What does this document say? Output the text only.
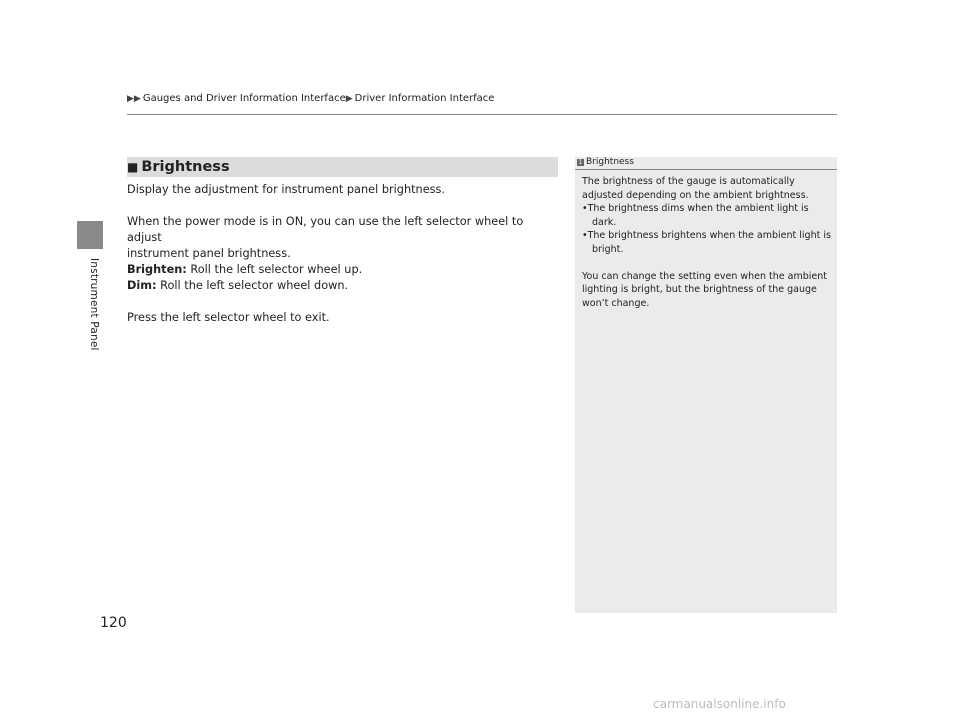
Instrument Panel
▶▶ Gauges and Driver Information Interface▶ Driver Information Interface
■ Brightness

Display the adjustment for instrument panel brightness.

When the power mode is in ON, you can use the left selector wheel to adjust

instrument panel brightness.

Brighten: Roll the left selector wheel up.

Dim: Roll the left selector wheel down.

Press the left selector wheel to exit.

1 Brightness

The brightness of the gauge is automatically adjusted depending on the ambient brightness.

•The brightness dims when the ambient light is dark.

•The brightness brightens when the ambient light is bright.

You can change the setting even when the ambient lighting is bright, but the brightness of the gauge won’t change.

120
carmanualsonline.info
